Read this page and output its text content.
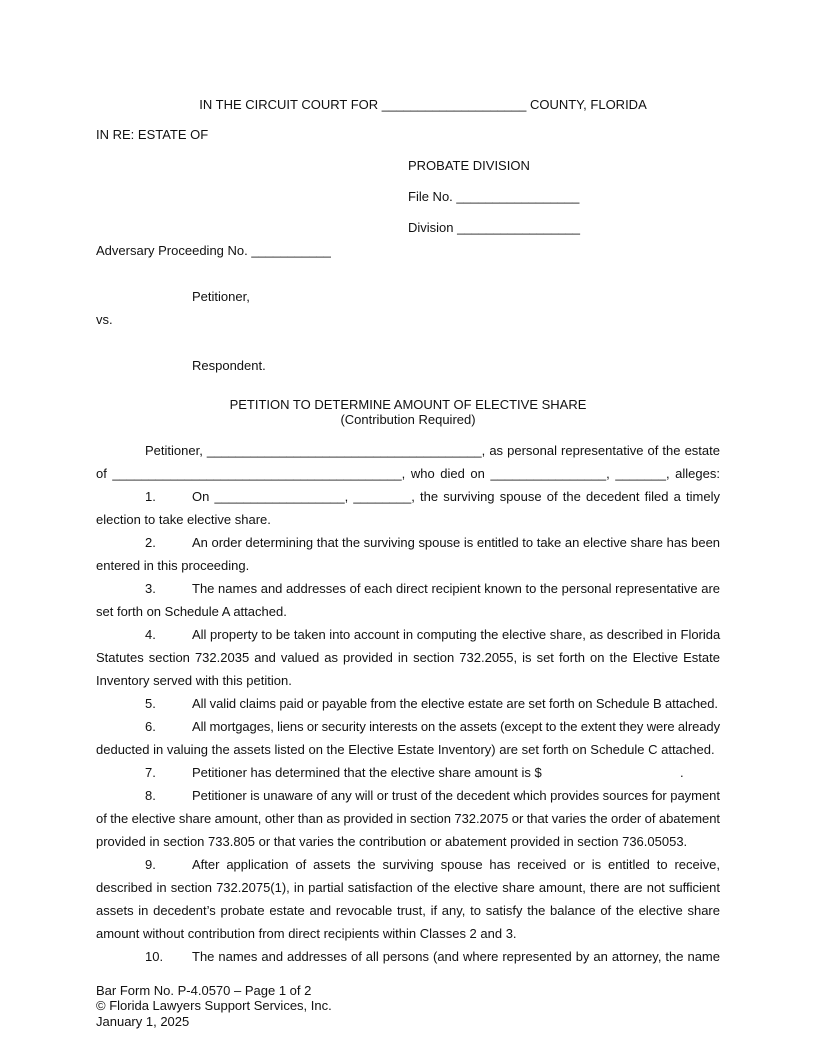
IN THE CIRCUIT COURT FOR ____________________ COUNTY, FLORIDA
IN RE: ESTATE OF
PROBATE DIVISION
File No. _________________
Division _________________
Adversary Proceeding No. ___________
Petitioner,
vs.
Respondent.
PETITION TO DETERMINE AMOUNT OF ELECTIVE SHARE
(Contribution Required)
Petitioner, ______________________________________, as personal representative of the estate
of ________________________________________, who died on ________________, _______, alleges:
1.	On __________________, ________, the surviving spouse of the decedent filed a timely
election to take elective share.
2.	An order determining that the surviving spouse is entitled to take an elective share has been
entered in this proceeding.
3.	The names and addresses of each direct recipient known to the personal representative are
set forth on Schedule A attached.
4.	All property to be taken into account in computing the elective share, as described in Florida
Statutes section 732.2035 and valued as provided in section 732.2055, is set forth on the Elective Estate
Inventory served with this petition.
5.	All valid claims paid or payable from the elective estate are set forth on Schedule B attached.
6.	All mortgages, liens or security interests on the assets (except to the extent they were already
deducted in valuing the assets listed on the Elective Estate Inventory) are set forth on Schedule C attached.
7.	Petitioner has determined that the elective share amount is $	.
8.	Petitioner is unaware of any will or trust of the decedent which provides sources for payment
of the elective share amount, other than as provided in section 732.2075 or that varies the order of abatement
provided in section 733.805 or that varies the contribution or abatement provided in section 736.05053.
9.	After application of assets the surviving spouse has received or is entitled to receive,
described in section 732.2075(1), in partial satisfaction of the elective share amount, there are not sufficient
assets in decedent’s probate estate and revocable trust, if any, to satisfy the balance of the elective share
amount without contribution from direct recipients within Classes 2 and 3.
10. The names and addresses of all persons (and where represented by an attorney, the name
Bar Form No. P-4.0570 – Page 1 of 2
© Florida Lawyers Support Services, Inc.
January 1, 2025
